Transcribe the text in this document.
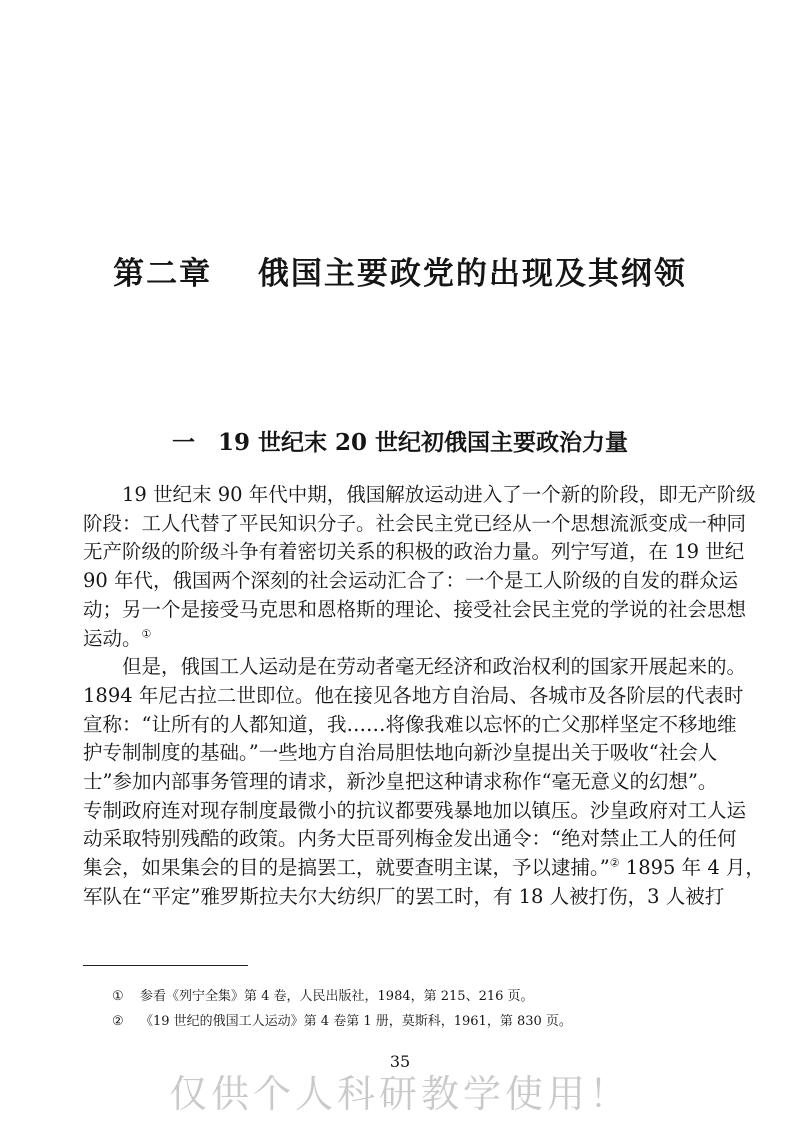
第二章　 俄国主要政党的出现及其纲领
一　19 世纪末 20 世纪初俄国主要政治力量

19 世纪末 90 年代中期，俄国解放运动进入了一个新的阶段，即无产阶级

阶段：工人代替了平民知识分子。社会民主党已经从一个思想流派变成一种同

无产阶级的阶级斗争有着密切关系的积极的政治力量。列宁写道，在 19 世纪

90 年代，俄国两个深刻的社会运动汇合了：一个是工人阶级的自发的群众运

动；另一个是接受马克思和恩格斯的理论、接受社会民主党的学说的社会思想

运动。①

但是，俄国工人运动是在劳动者毫无经济和政治权利的国家开展起来的。

1894 年尼古拉二世即位。他在接见各地方自治局、各城市及各阶层的代表时

宣称：“让所有的人都知道，我……将像我难以忘怀的亡父那样坚定不移地维

护专制制度的基础。”一些地方自治局胆怯地向新沙皇提出关于吸收“社会人

士”参加内部事务管理的请求，新沙皇把这种请求称作“毫无意义的幻想”。

专制政府连对现存制度最微小的抗议都要残暴地加以镇压。沙皇政府对工人运

动采取特别残酷的政策。内务大臣哥列梅金发出通令：“绝对禁止工人的任何

集会，如果集会的目的是搞罢工，就要查明主谋，予以逮捕。”② 1895 年 4 月，

军队在“平定”雅罗斯拉夫尔大纺织厂的罢工时，有 18 人被打伤，3 人被打

① 参看《列宁全集》第 4 卷，人民出版社，1984，第 215、216 页。

② 《19 世纪的俄国工人运动》第 4 卷第 1 册，莫斯科，1961，第 830 页。

35

仅供个人科研教学使用！
